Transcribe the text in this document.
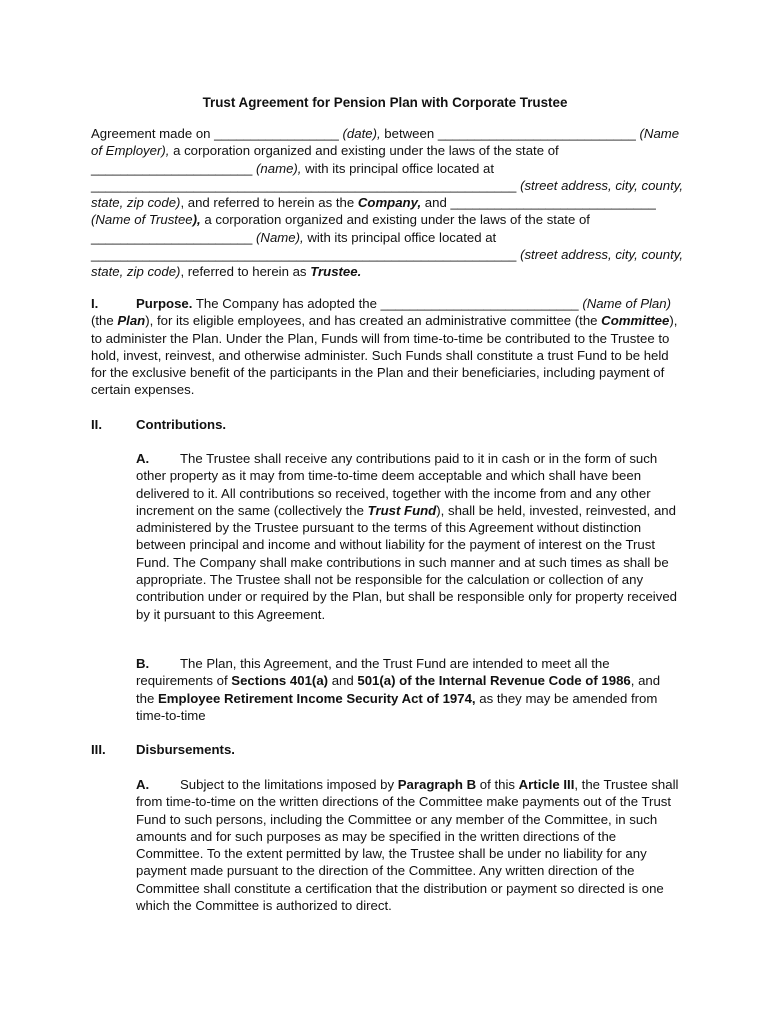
Trust Agreement for Pension Plan with Corporate Trustee

Agreement made on _________________ (date), between ___________________________ (Name of Employer), a corporation organized and existing under the laws of the state of ______________________ (name), with its principal office located at __________________________________________________________ (street address, city, county, state, zip code), and referred to herein as the Company, and ____________________________ (Name of Trustee), a corporation organized and existing under the laws of the state of ______________________ (Name), with its principal office located at __________________________________________________________ (street address, city, county, state, zip code), referred to herein as Trustee.

I.	Purpose. The Company has adopted the ___________________________ (Name of Plan) (the Plan), for its eligible employees, and has created an administrative committee (the Committee), to administer the Plan. Under the Plan, Funds will from time-to-time be contributed to the Trustee to hold, invest, reinvest, and otherwise administer. Such Funds shall constitute a trust Fund to be held for the exclusive benefit of the participants in the Plan and their beneficiaries, including payment of certain expenses.

II.	Contributions.

A. The Trustee shall receive any contributions paid to it in cash or in the form of such other property as it may from time-to-time deem acceptable and which shall have been delivered to it. All contributions so received, together with the income from and any other increment on the same (collectively the Trust Fund), shall be held, invested, reinvested, and administered by the Trustee pursuant to the terms of this Agreement without distinction between principal and income and without liability for the payment of interest on the Trust Fund. The Company shall make contributions in such manner and at such times as shall be appropriate. The Trustee shall not be responsible for the calculation or collection of any contribution under or required by the Plan, but shall be responsible only for property received by it pursuant to this Agreement.

B. The Plan, this Agreement, and the Trust Fund are intended to meet all the requirements of Sections 401(a) and 501(a) of the Internal Revenue Code of 1986, and the Employee Retirement Income Security Act of 1974, as they may be amended from time-to-time

III. Disbursements.

A. Subject to the limitations imposed by Paragraph B of this Article III, the Trustee shall from time-to-time on the written directions of the Committee make payments out of the Trust Fund to such persons, including the Committee or any member of the Committee, in such amounts and for such purposes as may be specified in the written directions of the Committee. To the extent permitted by law, the Trustee shall be under no liability for any payment made pursuant to the direction of the Committee. Any written direction of the Committee shall constitute a certification that the distribution or payment so directed is one which the Committee is authorized to direct.
